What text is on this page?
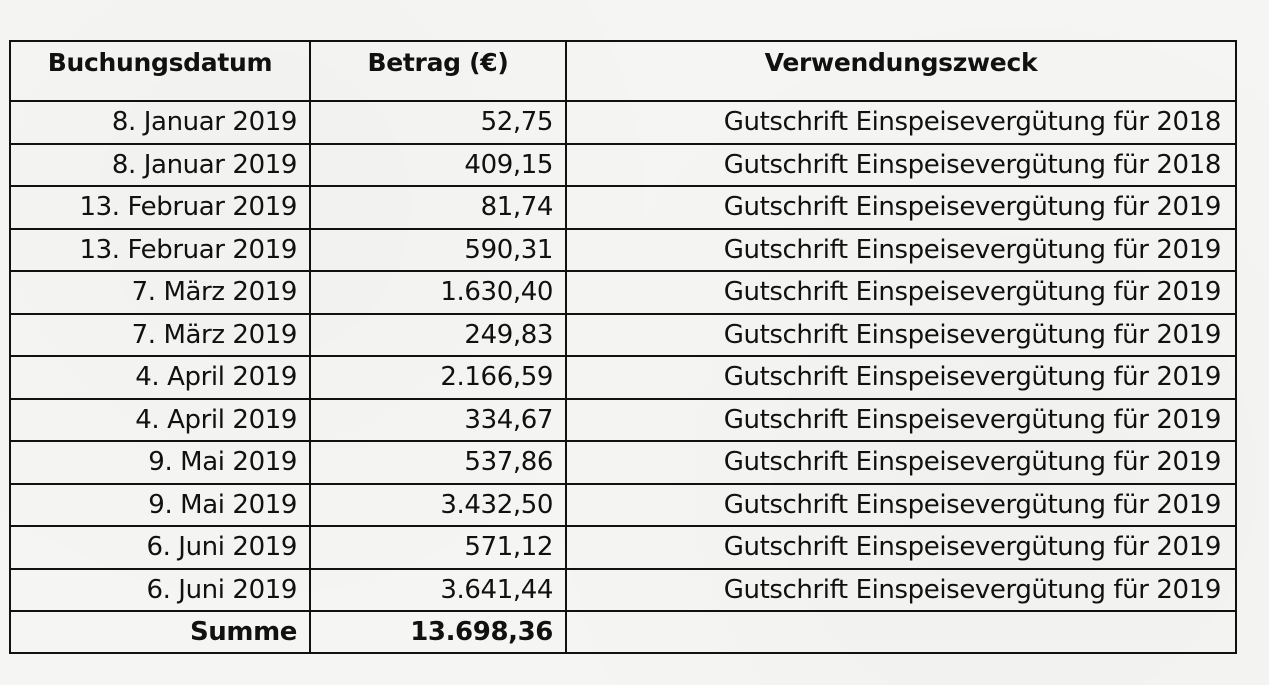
Buchungsdatum	Betrag (€)	Verwendungszweck
8. Januar 2019	52,75	Gutschrift Einspeisevergütung für 2018
8. Januar 2019	409,15	Gutschrift Einspeisevergütung für 2018
13. Februar 2019	81,74	Gutschrift Einspeisevergütung für 2019
13. Februar 2019	590,31	Gutschrift Einspeisevergütung für 2019
7. März 2019	1.630,40	Gutschrift Einspeisevergütung für 2019
7. März 2019	249,83	Gutschrift Einspeisevergütung für 2019
4. April 2019	2.166,59	Gutschrift Einspeisevergütung für 2019
4. April 2019	334,67	Gutschrift Einspeisevergütung für 2019
9. Mai 2019	537,86	Gutschrift Einspeisevergütung für 2019
9. Mai 2019	3.432,50	Gutschrift Einspeisevergütung für 2019
6. Juni 2019	571,12	Gutschrift Einspeisevergütung für 2019
6. Juni 2019	3.641,44	Gutschrift Einspeisevergütung für 2019
Summe	13.698,36	
